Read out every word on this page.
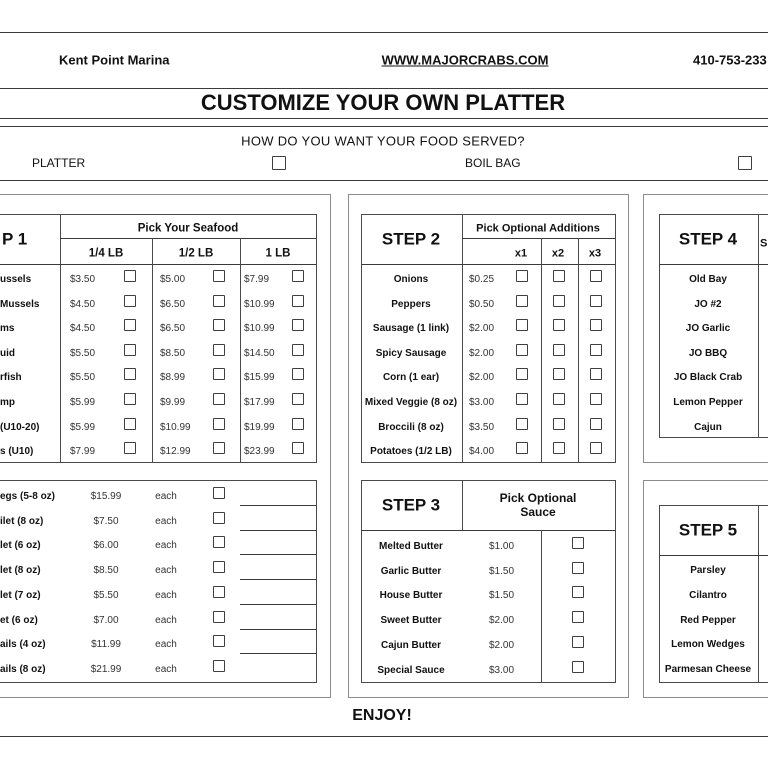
Kent Point Marina	WWW.MAJORCRABS.COM	410-753-233
CUSTOMIZE YOUR OWN PLATTER
HOW DO YOU WANT YOUR FOOD SERVED?
PLATTER	BOIL BAG
P 1
Pick Your Seafood
1/4 LB	1/2 LB	1 LB
STEP 2
Pick Optional Additions
x1 x2 x3
STEP 3	Pick Optional Sauce
STEP 4 S
STEP 5
ENJOY!
ussels	$3.50	$5.00	$7.99
Mussels	$4.50	$6.50	$10.99
ms	$4.50	$6.50	$10.99
uid	$5.50	$8.50	$14.50
rfish	$5.50	$8.99	$15.99
mp	$5.99	$9.99	$17.99
(U10-20)	$5.99	$10.99	$19.99
s (U10)	$7.99	$12.99	$23.99
egs (5-8 oz)	$15.99	each
ilet (8 oz)	$7.50	each
let (6 oz)	$6.00	each
let (8 oz)	$8.50	each
let (7 oz)	$5.50	each
et (6 oz)	$7.00	each
ails (4 oz)	$11.99	each
ails (8 oz)	$21.99	each
Onions	$0.25
Peppers	$0.50
Sausage (1 link) $2.00
Spicy Sausage $2.00
Corn (1 ear)	$2.00
Mixed Veggie (8 oz) $3.00
Broccili (8 oz)	$3.50
Potatoes (1/2 LB) $4.00
Melted Butter	$1.00
Garlic Butter	$1.50
House Butter	$1.50
Sweet Butter	$2.00
Cajun Butter	$2.00
Special Sauce	$3.00
Old Bay
JO #2
JO Garlic
JO BBQ
JO Black Crab
Lemon Pepper
Cajun
Parsley
Cilantro
Red Pepper
Lemon Wedges
Parmesan Cheese
